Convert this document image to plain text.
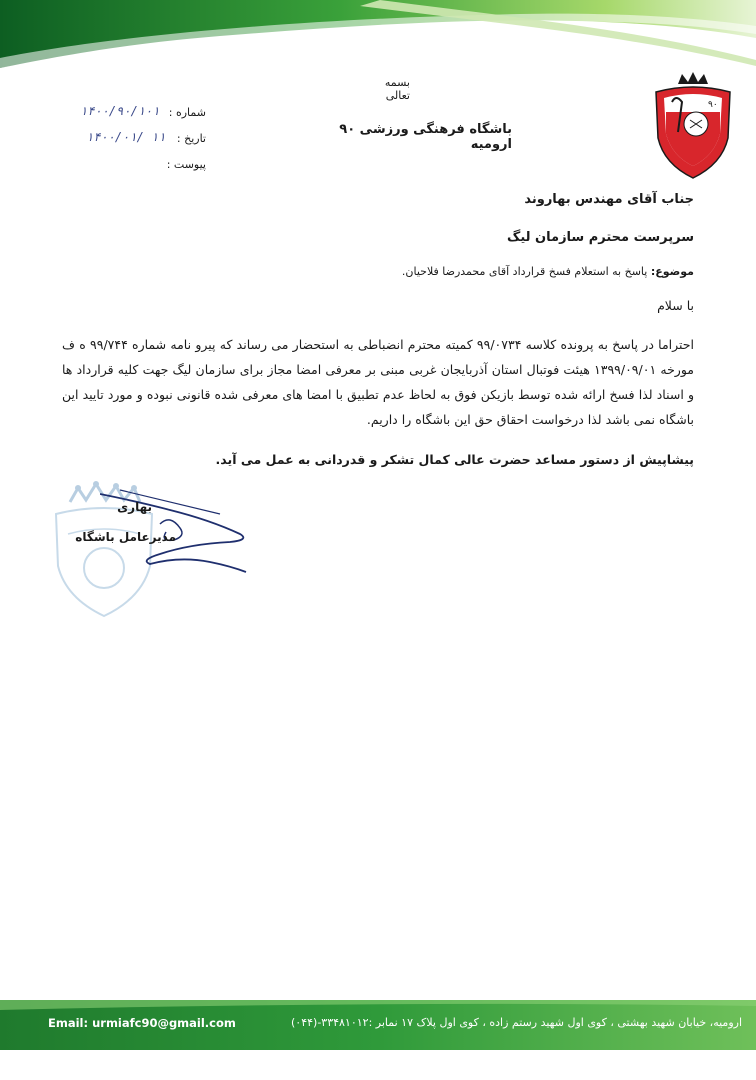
۹۰
بسمه تعالی
باشگاه فرهنگی ورزشی ۹۰ ارومیه
شماره :
۱۴۰۰/۹۰/۱۰۱
تاریخ :
۱۴۰۰/۰۱/ ۱۱
پیوست :
جناب آقای مهندس بهاروند
سرپرست محترم سازمان لیگ
موضوع: پاسخ به استعلام فسخ قرارداد آقای محمدرضا فلاحیان.
با سلام
احتراما در پاسخ به پرونده کلاسه ۹۹/۰۷۳۴ کمیته محترم انضباطی به استحضار می رساند که پیرو نامه شماره ۹۹/۷۴۴ ه ف مورخه ۱۳۹۹/۰۹/۰۱ هیئت فوتبال استان آذربایجان غربی مبنی بر معرفی امضا مجاز برای سازمان لیگ جهت کلیه قرارداد ها و اسناد لذا فسخ ارائه شده توسط بازیکن فوق به لحاظ عدم تطبیق با امضا های معرفی شده قانونی نبوده و مورد تایید این باشگاه نمی باشد لذا درخواست احقاق حق این باشگاه را داریم.
پیشاپیش از دستور مساعد حضرت عالی کمال تشکر و قدردانی به عمل می آید.
بهاری
مدیرعامل باشگاه
Email: urmiafc90@gmail.com	ارومیه، خیابان شهید بهشتی ، کوی اول شهید رستم زاده ، کوی اول پلاک ۱۷ نمابر :۳۳۴۸۱۰۱۲-(۰۴۴)
